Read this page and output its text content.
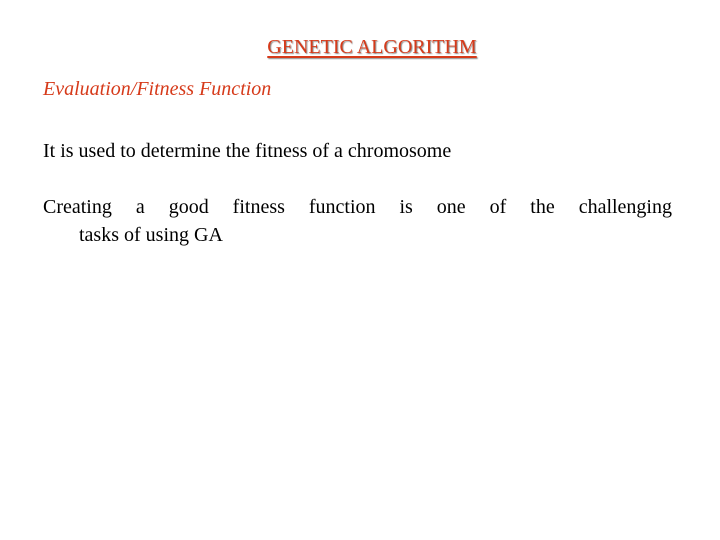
GENETIC ALGORITHM
Evaluation/Fitness Function
It is used to determine the fitness of a chromosome
Creating a good fitness function is one of the challenging
tasks of using GA
